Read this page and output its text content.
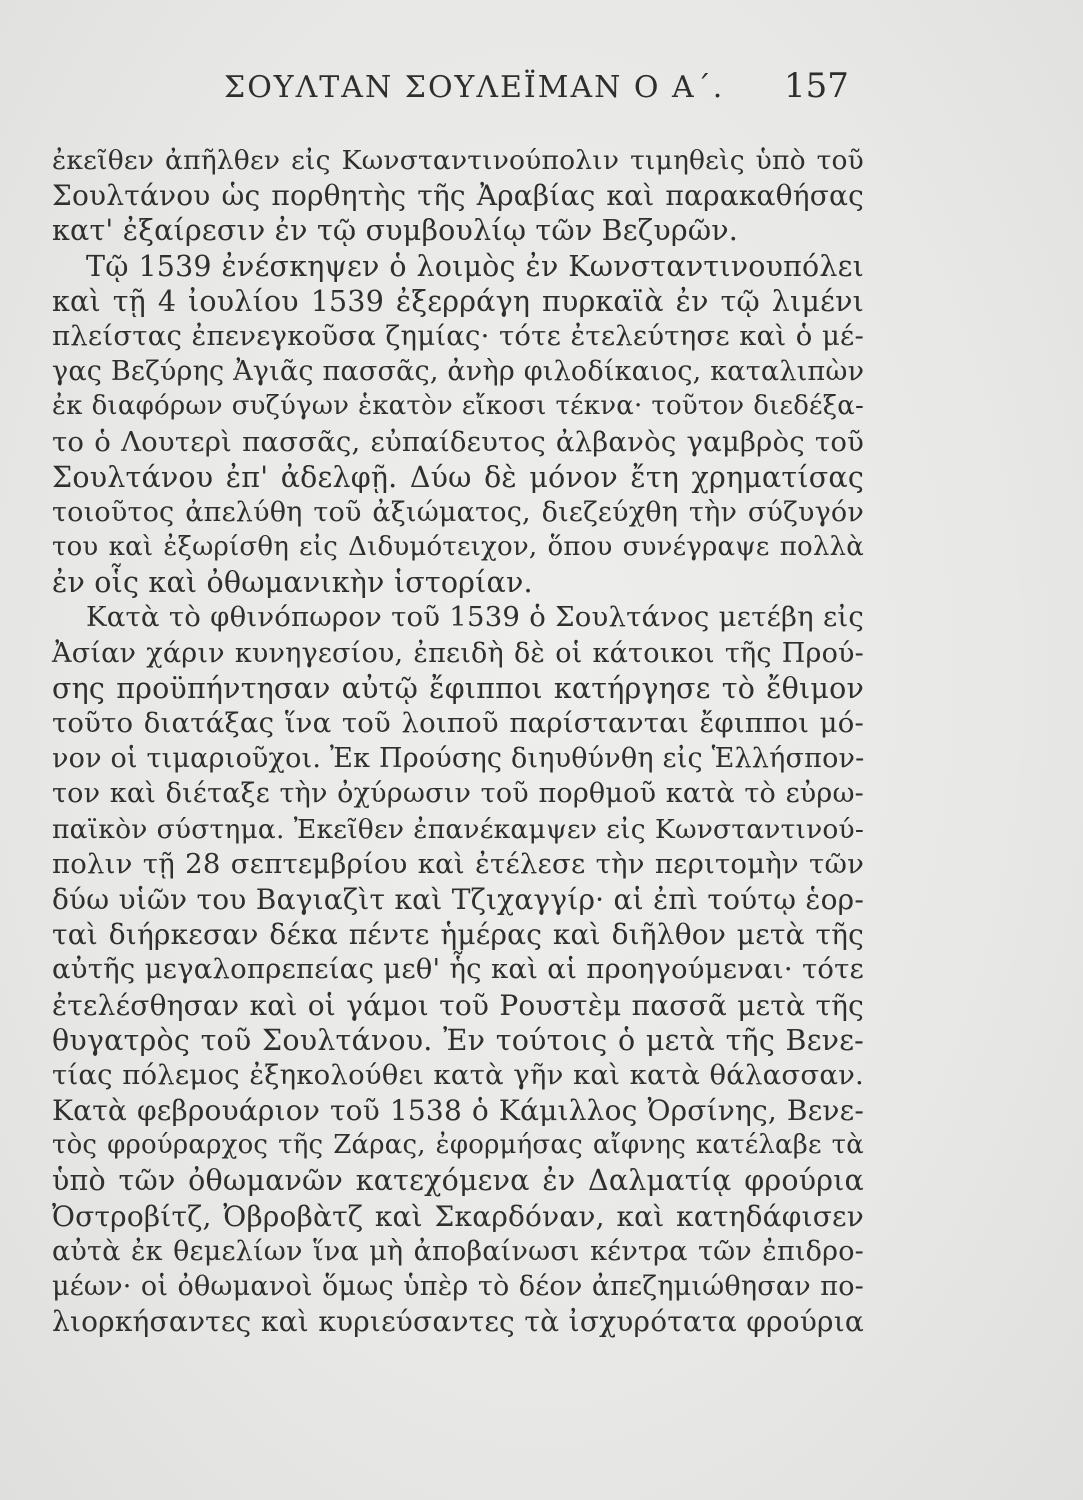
ΣΟΥΛΤΑΝ ΣΟΥΛΕΪΜΑΝ Ο Α΄. 157
ἐκεῖθεν ἀπῆλθεν εἰς Κωνσταντινούπολιν τιμηθεὶς ὑπὸ τοῦ
Σουλτάνου ὡς πορθητὴς τῆς Ἀραβίας καὶ παρακαθήσας
κατ' ἐξαίρεσιν ἐν τῷ συμβουλίῳ τῶν Βεζυρῶν.
Τῷ 1539 ἐνέσκηψεν ὁ λοιμὸς ἐν Κωνσταντινουπόλει
καὶ τῇ 4 ἰουλίου 1539 ἐξερράγη πυρκαϊὰ ἐν τῷ λιμένι
πλείστας ἐπενεγκοῦσα ζημίας· τότε ἐτελεύτησε καὶ ὁ μέ-
γας Βεζύρης Ἀγιᾶς πασσᾶς, ἀνὴρ φιλοδίκαιος, καταλιπὼν
ἐκ διαφόρων συζύγων ἑκατὸν εἴκοσι τέκνα· τοῦτον διεδέξα-
το ὁ Λουτερὶ πασσᾶς, εὐπαίδευτος ἀλβανὸς γαμβρὸς τοῦ
Σουλτάνου ἐπ' ἀδελφῇ. Δύω δὲ μόνον ἔτη χρηματίσας
τοιοῦτος ἀπελύθη τοῦ ἀξιώματος, διεζεύχθη τὴν σύζυγόν
του καὶ ἐξωρίσθη εἰς Διδυμότειχον, ὅπου συνέγραψε πολλὰ
ἐν οἷς καὶ ὀθωμανικὴν ἱστορίαν.
Κατὰ τὸ φθινόπωρον τοῦ 1539 ὁ Σουλτάνος μετέβη εἰς
Ἀσίαν χάριν κυνηγεσίου, ἐπειδὴ δὲ οἱ κάτοικοι τῆς Πρού-
σης προϋπήντησαν αὐτῷ ἔφιπποι κατήργησε τὸ ἔθιμον
τοῦτο διατάξας ἵνα τοῦ λοιποῦ παρίστανται ἔφιπποι μό-
νον οἱ τιμαριοῦχοι. Ἐκ Προύσης διηυθύνθη εἰς Ἑλλήσπον-
τον καὶ διέταξε τὴν ὀχύρωσιν τοῦ πορθμοῦ κατὰ τὸ εὐρω-
παϊκὸν σύστημα. Ἐκεῖθεν ἐπανέκαμψεν εἰς Κωνσταντινού-
πολιν τῇ 28 σεπτεμβρίου καὶ ἐτέλεσε τὴν περιτομὴν τῶν
δύω υἱῶν του Βαγιαζὶτ καὶ Τζιχαγγίρ· αἱ ἐπὶ τούτῳ ἑορ-
ταὶ διήρκεσαν δέκα πέντε ἡμέρας καὶ διῆλθον μετὰ τῆς
αὐτῆς μεγαλοπρεπείας μεθ' ἧς καὶ αἱ προηγούμεναι· τότε
ἐτελέσθησαν καὶ οἱ γάμοι τοῦ Ρουστὲμ πασσᾶ μετὰ τῆς
θυγατρὸς τοῦ Σουλτάνου. Ἐν τούτοις ὁ μετὰ τῆς Βενε-
τίας πόλεμος ἐξηκολούθει κατὰ γῆν καὶ κατὰ θάλασσαν.
Κατὰ φεβρουάριον τοῦ 1538 ὁ Κάμιλλος Ὀρσίνης, Βενε-
τὸς φρούραρχος τῆς Ζάρας, ἐφορμήσας αἴφνης κατέλαβε τὰ
ὑπὸ τῶν ὀθωμανῶν κατεχόμενα ἐν Δαλματίᾳ φρούρια
Ὀστροβίτζ, Ὀβροβὰτζ καὶ Σκαρδόναν, καὶ κατηδάφισεν
αὐτὰ ἐκ θεμελίων ἵνα μὴ ἀποβαίνωσι κέντρα τῶν ἐπιδρο-
μέων· οἱ ὀθωμανοὶ ὅμως ὑπὲρ τὸ δέον ἀπεζημιώθησαν πο-
λιορκήσαντες καὶ κυριεύσαντες τὰ ἰσχυρότατα φρούρια
